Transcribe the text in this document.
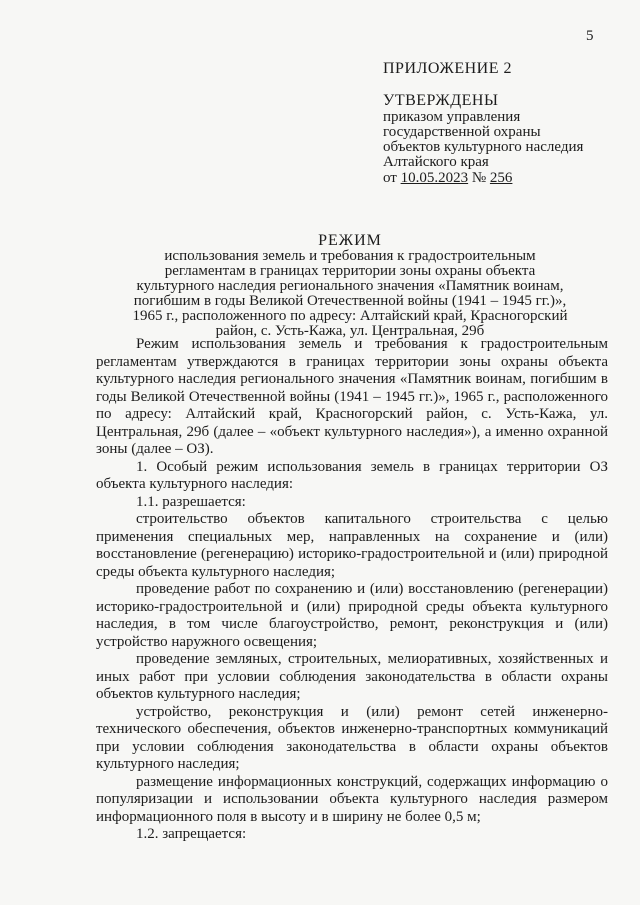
5
ПРИЛОЖЕНИЕ 2
УТВЕРЖДЕНЫ
приказом управления
государственной охраны
объектов культурного наследия
Алтайского края
от 10.05.2023 № 256
РЕЖИМ
использования земель и требования к градостроительным
регламентам в границах территории зоны охраны объекта
культурного наследия регионального значения «Памятник воинам,
погибшим в годы Великой Отечественной войны (1941 – 1945 гг.)»,
1965 г., расположенного по адресу: Алтайский край, Красногорский
район, с. Усть-Кажа, ул. Центральная, 29б

Режим использования земель и требования к градостроительным регламентам утверждаются в границах территории зоны охраны объекта культурного наследия регионального значения «Памятник воинам, погибшим в годы Великой Отечественной войны (1941 – 1945 гг.)», 1965 г., расположенного по адресу: Алтайский край, Красногорский район, с. Усть-Кажа, ул. Центральная, 29б (далее – «объект культурного наследия»), а именно охранной зоны (далее – ОЗ).

1. Особый режим использования земель в границах территории ОЗ объекта культурного наследия:

1.1. разрешается:

строительство объектов капитального строительства с целью применения специальных мер, направленных на сохранение и (или) восстановление (регенерацию) историко-градостроительной и (или) природной среды объекта культурного наследия;

проведение работ по сохранению и (или) восстановлению (регенерации) историко-градостроительной и (или) природной среды объекта культурного наследия, в том числе благоустройство, ремонт, реконструкция и (или) устройство наружного освещения;

проведение земляных, строительных, мелиоративных, хозяйственных и иных работ при условии соблюдения законодательства в области охраны объектов культурного наследия;

устройство, реконструкция и (или) ремонт сетей инженерно-технического обеспечения, объектов инженерно-транспортных коммуникаций при условии соблюдения законодательства в области охраны объектов культурного наследия;

размещение информационных конструкций, содержащих информацию о популяризации и использовании объекта культурного наследия размером информационного поля в высоту и в ширину не более 0,5 м;

1.2. запрещается:
